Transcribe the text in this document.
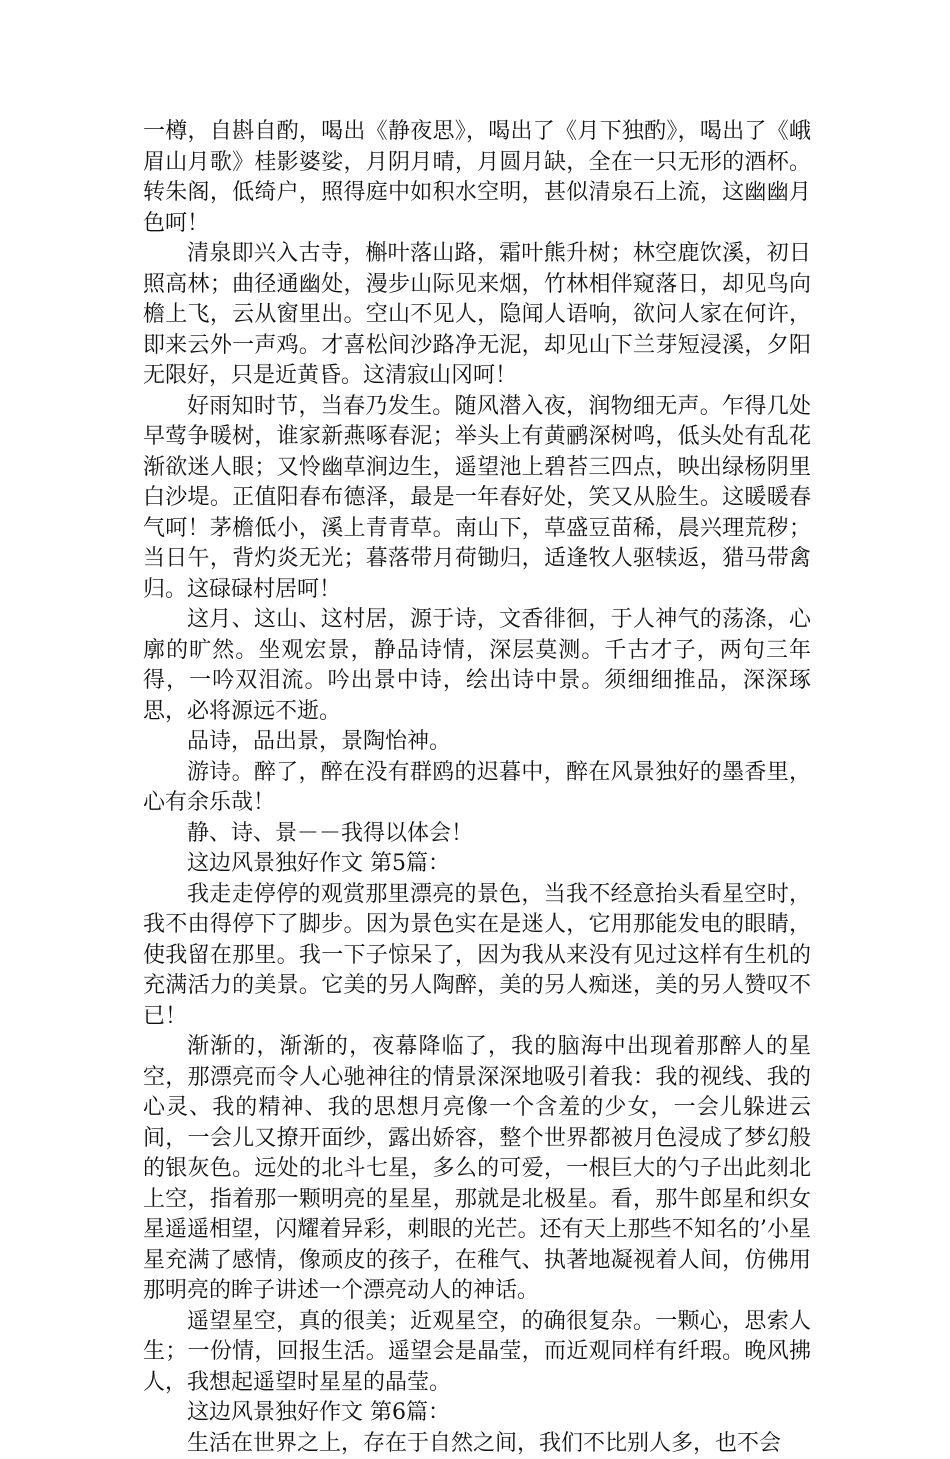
一樽，自斟自酌，喝出《静夜思》，喝出了《月下独酌》，喝出了《峨眉山月歌》桂影婆娑，月阴月晴，月圆月缺，全在一只无形的酒杯。转朱阁，低绮户，照得庭中如积水空明，甚似清泉石上流，这幽幽月色呵！

清泉即兴入古寺，槲叶落山路，霜叶熊升树；林空鹿饮溪，初日照高林；曲径通幽处，漫步山际见来烟，竹林相伴窥落日，却见鸟向檐上飞，云从窗里出。空山不见人，隐闻人语响，欲问人家在何许，即来云外一声鸡。才喜松间沙路净无泥，却见山下兰芽短浸溪，夕阳无限好，只是近黄昏。这清寂山冈呵！

好雨知时节，当春乃发生。随风潜入夜，润物细无声。乍得几处早莺争暖树，谁家新燕啄春泥；举头上有黄鹂深树鸣，低头处有乱花渐欲迷人眼；又怜幽草涧边生，遥望池上碧苔三四点，映出绿杨阴里白沙堤。正值阳春布德泽，最是一年春好处，笑又从脸生。这暖暖春气呵！茅檐低小，溪上青青草。南山下，草盛豆苗稀，晨兴理荒秽；当日午，背灼炎无光；暮落带月荷锄归，适逢牧人驱犊返，猎马带禽归。这碌碌村居呵！

这月、这山、这村居，源于诗，文香徘徊，于人神气的荡涤，心廓的旷然。坐观宏景，静品诗情，深层莫测。千古才子，两句三年得，一吟双泪流。吟出景中诗，绘出诗中景。须细细推品，深深琢思，必将源远不逝。

品诗，品出景，景陶怡神。

游诗。醉了，醉在没有群鸥的迟暮中，醉在风景独好的墨香里，心有余乐哉！

静、诗、景－－我得以体会！

这边风景独好作文 第5篇：

我走走停停的观赏那里漂亮的景色，当我不经意抬头看星空时，我不由得停下了脚步。因为景色实在是迷人，它用那能发电的眼睛，使我留在那里。我一下子惊呆了，因为我从来没有见过这样有生机的充满活力的美景。它美的另人陶醉，美的另人痴迷，美的另人赞叹不已！

渐渐的，渐渐的，夜幕降临了，我的脑海中出现着那醉人的星空，那漂亮而令人心驰神往的情景深深地吸引着我：我的视线、我的心灵、我的精神、我的思想月亮像一个含羞的少女，一会儿躲进云间，一会儿又撩开面纱，露出娇容，整个世界都被月色浸成了梦幻般的银灰色。远处的北斗七星，多么的可爱，一根巨大的勺子出此刻北上空，指着那一颗明亮的星星，那就是北极星。看，那牛郎星和织女星遥遥相望，闪耀着异彩，刺眼的光芒。还有天上那些不知名的’小星星充满了感情，像顽皮的孩子，在稚气、执著地凝视着人间，仿佛用那明亮的眸子讲述一个漂亮动人的神话。

遥望星空，真的很美；近观星空，的确很复杂。一颗心，思索人生；一份情，回报生活。遥望会是晶莹，而近观同样有纤瑕。晚风拂人，我想起遥望时星星的晶莹。

这边风景独好作文 第6篇：

生活在世界之上，存在于自然之间，我们不比别人多，也不会
